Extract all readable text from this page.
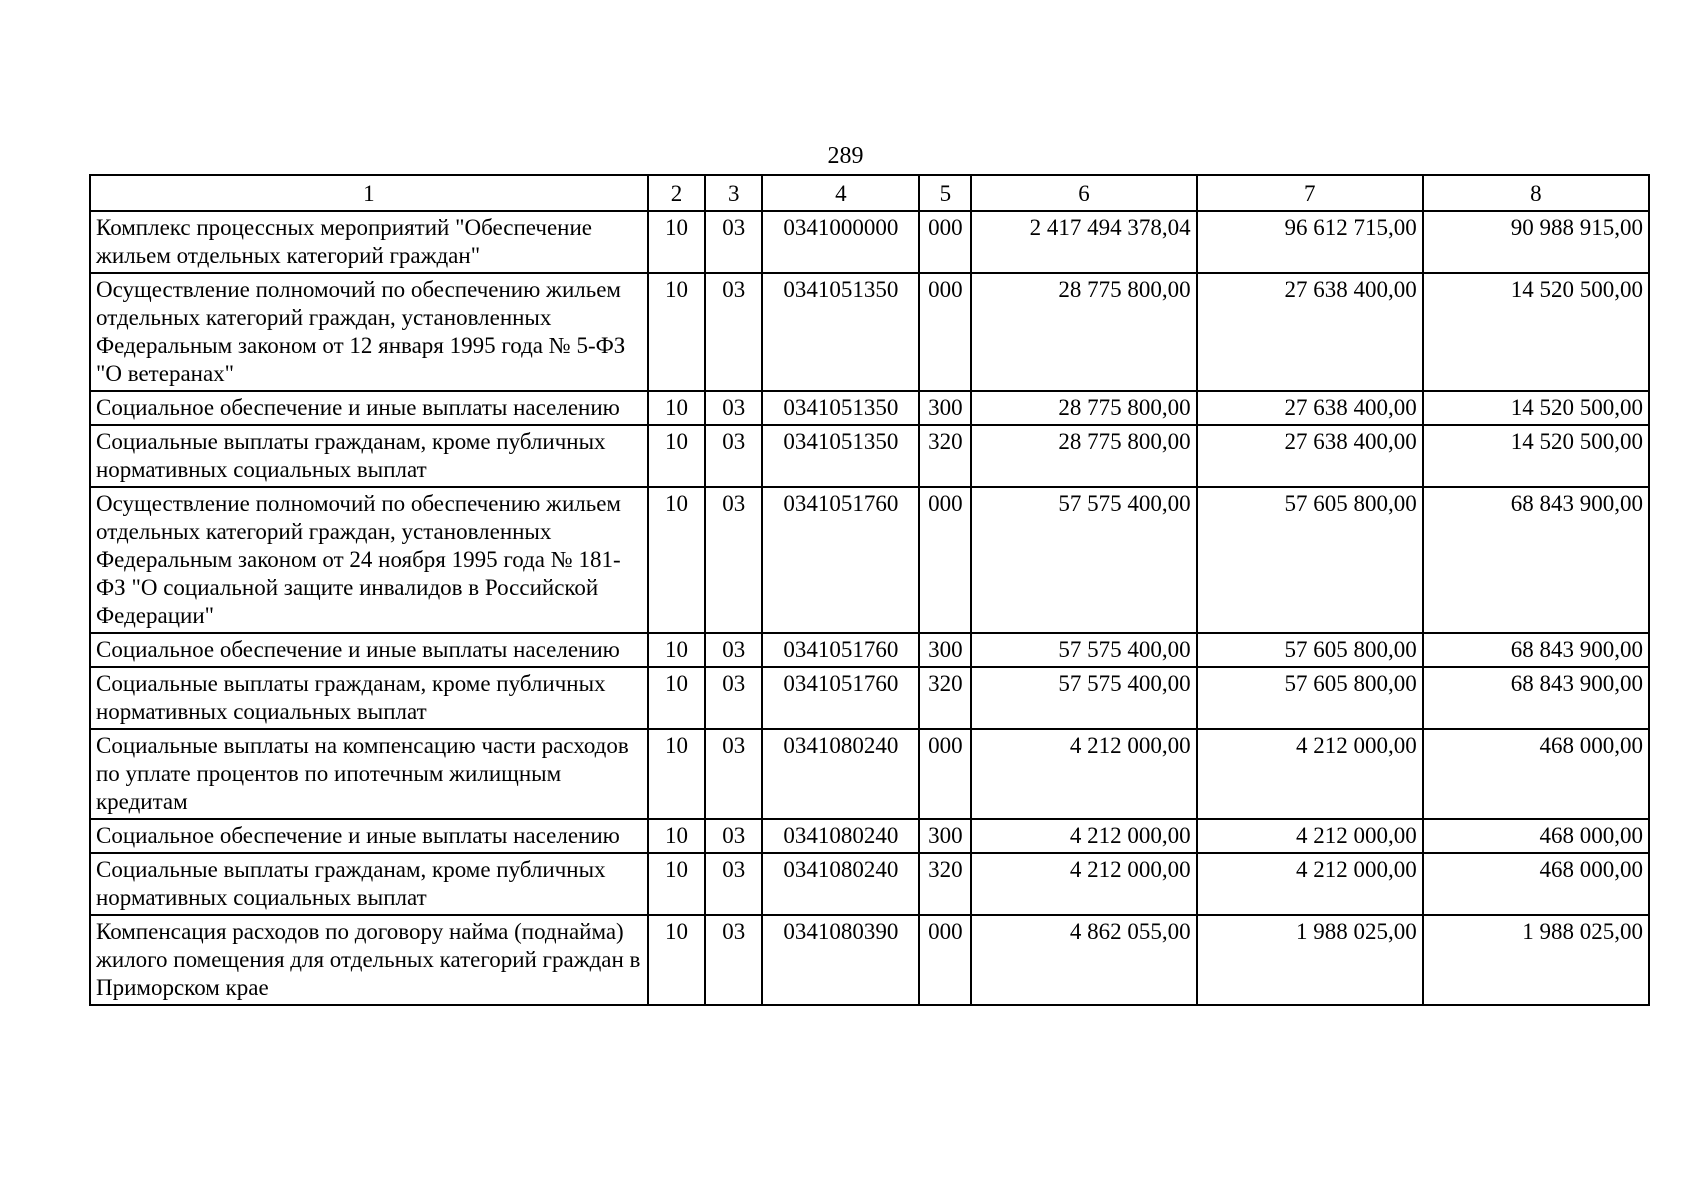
289
1	2	3	4	5	6	7	8
Комплекс процессных мероприятий "Обеспечение жильем отдельных категорий граждан"	10	03	0341000000	000	2 417 494 378,04	96 612 715,00	90 988 915,00
Осуществление полномочий по обеспечению жильем отдельных категорий граждан, установленных Федеральным законом от 12 января 1995 года № 5-ФЗ "О ветеранах"	10	03	0341051350	000	28 775 800,00	27 638 400,00	14 520 500,00
Социальное обеспечение и иные выплаты населению	10	03	0341051350	300	28 775 800,00	27 638 400,00	14 520 500,00
Социальные выплаты гражданам, кроме публичных нормативных социальных выплат	10	03	0341051350	320	28 775 800,00	27 638 400,00	14 520 500,00
Осуществление полномочий по обеспечению жильем отдельных категорий граждан, установленных Федеральным законом от 24 ноября 1995 года № 181-ФЗ "О социальной защите инвалидов в Российской Федерации"	10	03	0341051760	000	57 575 400,00	57 605 800,00	68 843 900,00
Социальное обеспечение и иные выплаты населению	10	03	0341051760	300	57 575 400,00	57 605 800,00	68 843 900,00
Социальные выплаты гражданам, кроме публичных нормативных социальных выплат	10	03	0341051760	320	57 575 400,00	57 605 800,00	68 843 900,00
Социальные выплаты на компенсацию части расходов по уплате процентов по ипотечным жилищным кредитам	10	03	0341080240	000	4 212 000,00	4 212 000,00	468 000,00
Социальное обеспечение и иные выплаты населению	10	03	0341080240	300	4 212 000,00	4 212 000,00	468 000,00
Социальные выплаты гражданам, кроме публичных нормативных социальных выплат	10	03	0341080240	320	4 212 000,00	4 212 000,00	468 000,00
Компенсация расходов по договору найма (поднайма) жилого помещения для отдельных категорий граждан в Приморском крае	10	03	0341080390	000	4 862 055,00	1 988 025,00	1 988 025,00
